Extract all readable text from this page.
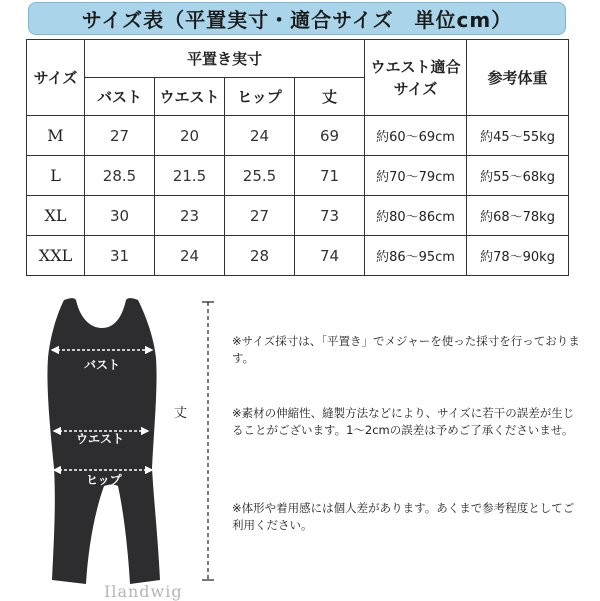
サイズ表（平置実寸・適合サイズ　単位cm）
サイズ	平置き実寸				ウエスト適合サイズ	参考体重
	バスト	ウエスト	ヒップ	丈		
M	27	20	24	69	約60〜69cm	約45〜55kg
L	28.5	21.5	25.5	71	約70〜79cm	約55〜68kg
XL	30	23	27	73	約80〜86cm	約68〜78kg
XXL	31	24	28	74	約86〜95cm	約78〜90kg
バスト
ウエスト
ヒップ
丈
Ilandwig
※サイズ採寸は、「平置き」でメジャーを使った採寸を行っております。
※素材の伸縮性、縫製方法などにより、サイズに若干の誤差が生じることがございます。1〜2cmの誤差は予めご了承くださいませ。
※体形や着用感には個人差があります。あくまで参考程度としてご利用ください。
